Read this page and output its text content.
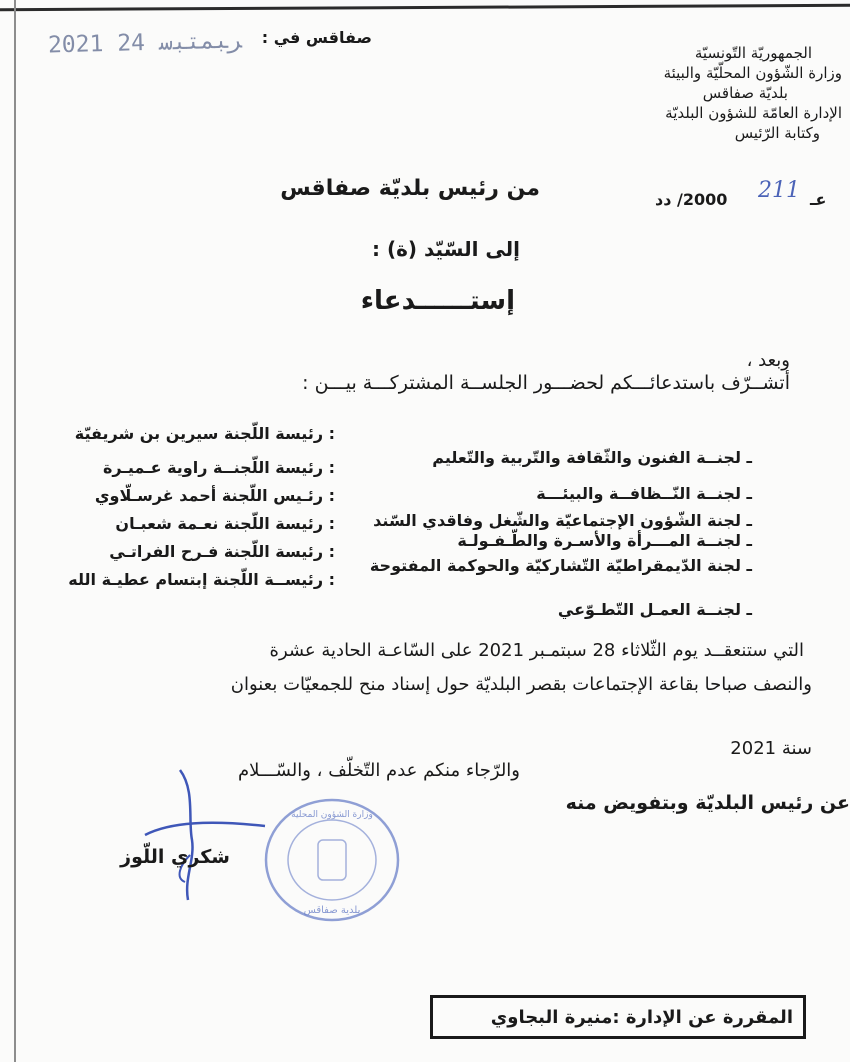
صفاقس في :
2021 ﺮﺒﻤﺘﺒﺳ 24	الجمهوريّة التّونسيّة
وزارة الشّؤون المحلّيّة والبيئة
بلديّة صفاقس
الإدارة العامّة للشؤون البلديّة
وكتابة الرّئيس
2000/ دد 211 عـ
من رئيس بلديّة صفاقس
إلى السّيّد (ة) :
إستــــــدعاء
وبعد ،
أتشــرّف باستدعائـــكم لحضـــور الجلســة المشتركـــة بيـــن :
ـ لجنــة الفنون والثّقافة والتّربية والتّعليم
: رئيسة اللّجنة سيرين بن شريفيّة
ـ لجنــة النّــظافــة والبيئـــة
: رئيسة اللّجنــة راوية عـميـرة
ـ لجنة الشّؤون الإجتماعيّة والشّغل وفاقدي السّند
: رئـيس اللّجنة أحمد غرسـلّاوي
ـ لجنــة المـــرأة والأسـرة والطّـفـولـة
: رئيسة اللّجنة نعـمة شعبـان
ـ لجنة الدّيمقراطيّة التّشاركيّة والحوكمة المفتوحة
: رئيسة اللّجنة فـرح الفراتـي
ـ لجنــة العمـل التّطـوّعي
: رئيســة اللّجنة إبتسام عطيـة الله
التي ستنعقــد يوم الثّلاثاء 28 سبتمـبر 2021 على السّاعـة الحادية عشرة
والنصف صباحا بقاعة الإجتماعات بقصر البلديّة حول إسناد منح للجمعيّات بعنوان
سنة 2021
والرّجاء منكم عدم التّخلّف ، والسّـــلام
وزارة الشؤون المحلية
بلدية صفاقس
عن رئيس البلديّة وبتفويض منه
شكري اللّوز
المقررة عن الإدارة :منيرة البجاوي
